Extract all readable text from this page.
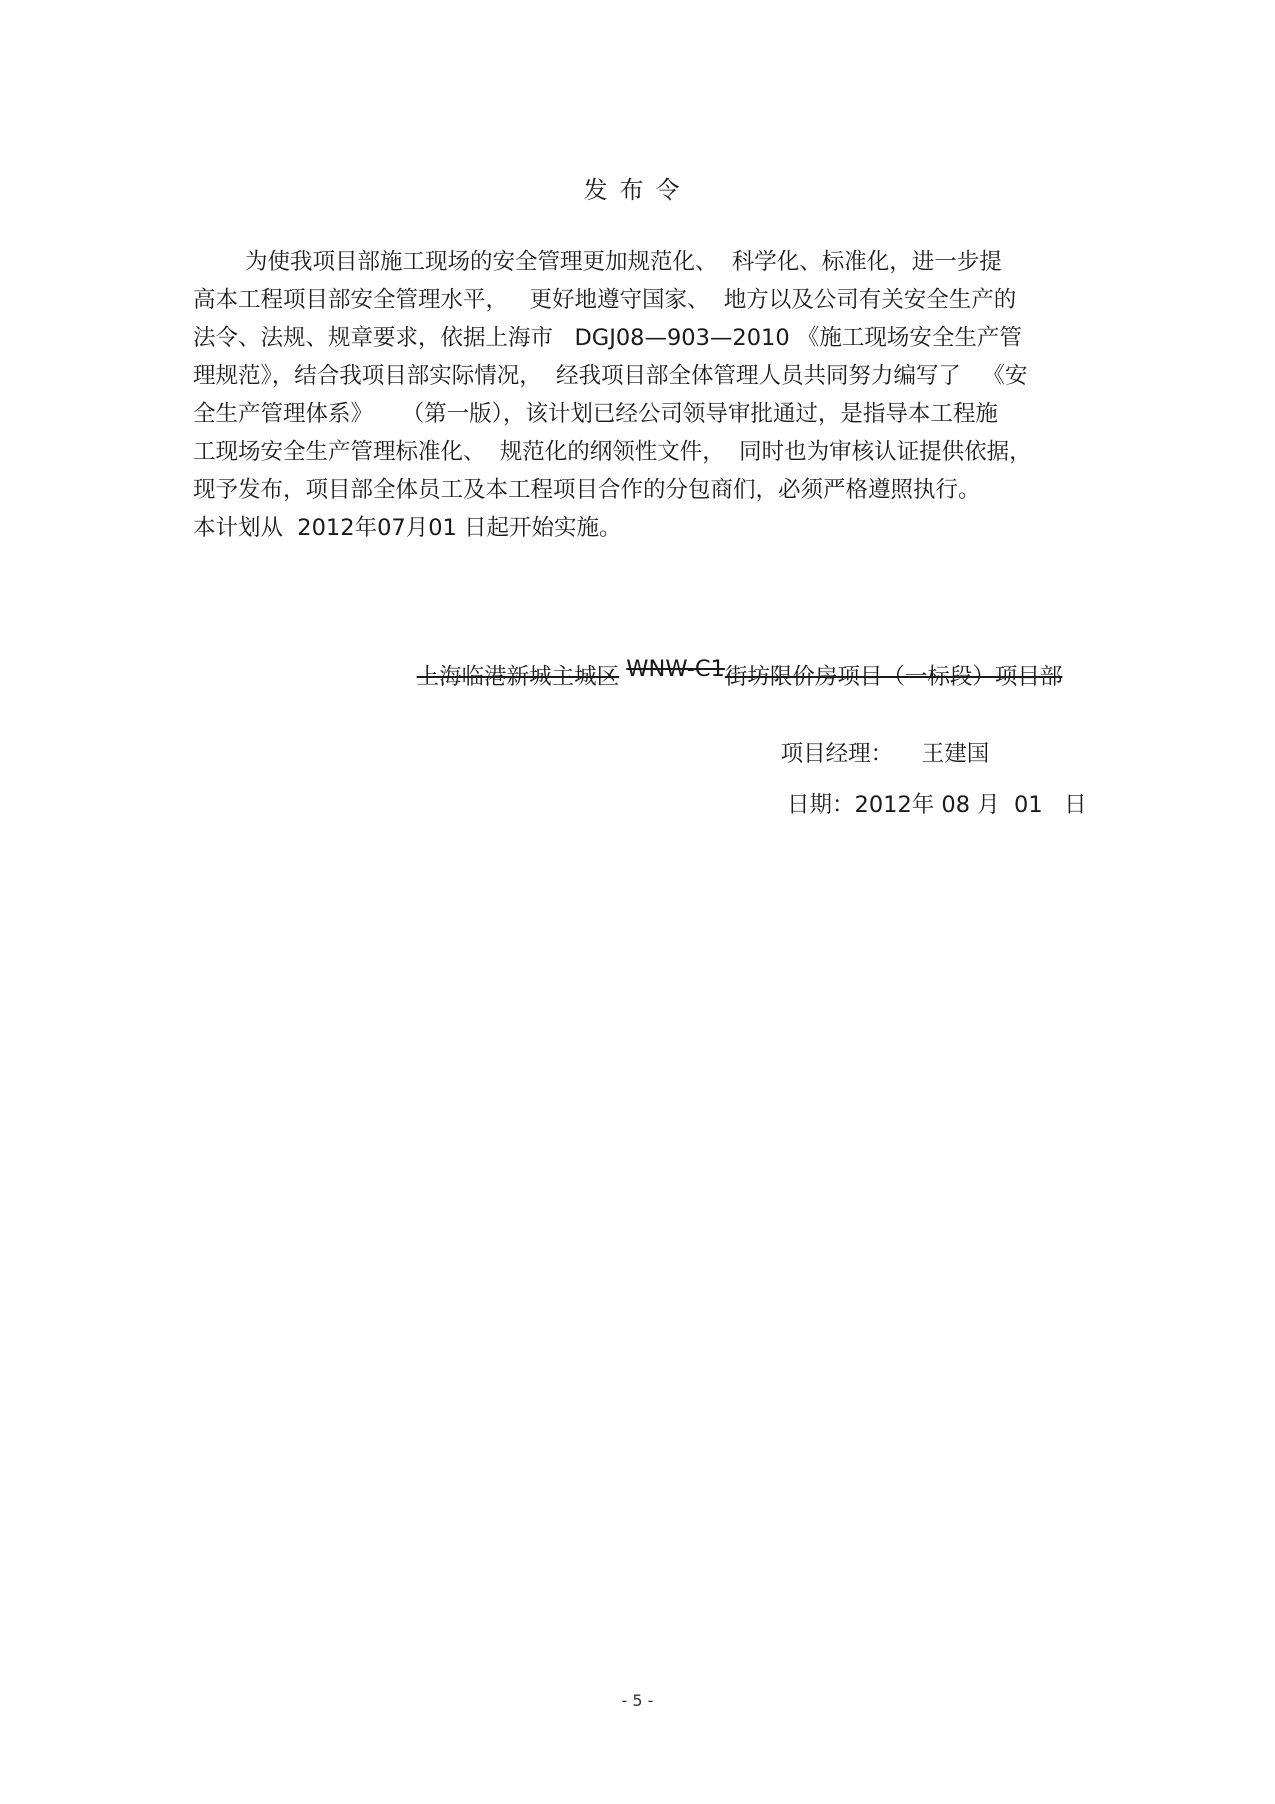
发布令
为使我项目部施工现场的安全管理更加规范化、  科学化、标准化，进一步提
高本工程项目部安全管理水平，   更好地遵守国家、  地方以及公司有关安全生产的
法令、法规、规章要求，依据上海市   DGJ08—903—2010 《施工现场安全生产管
理规范》，结合我项目部实际情况，  经我项目部全体管理人员共同努力编写了   《安
全生产管理体系》    （第一版），该计划已经公司领导审批通过，是指导本工程施
工现场安全生产管理标准化、  规范化的纲领性文件，  同时也为审核认证提供依据，
现予发布，项目部全体员工及本工程项目合作的分包商们，必须严格遵照执行。
本计划从  2012年07月01 日起开始实施。

上海临港新城主城区 WNW-C1街坊限价房项目（一标段）项目部

项目经理： 王建国

日期：2012年 08 月  01   日
- 5 -
